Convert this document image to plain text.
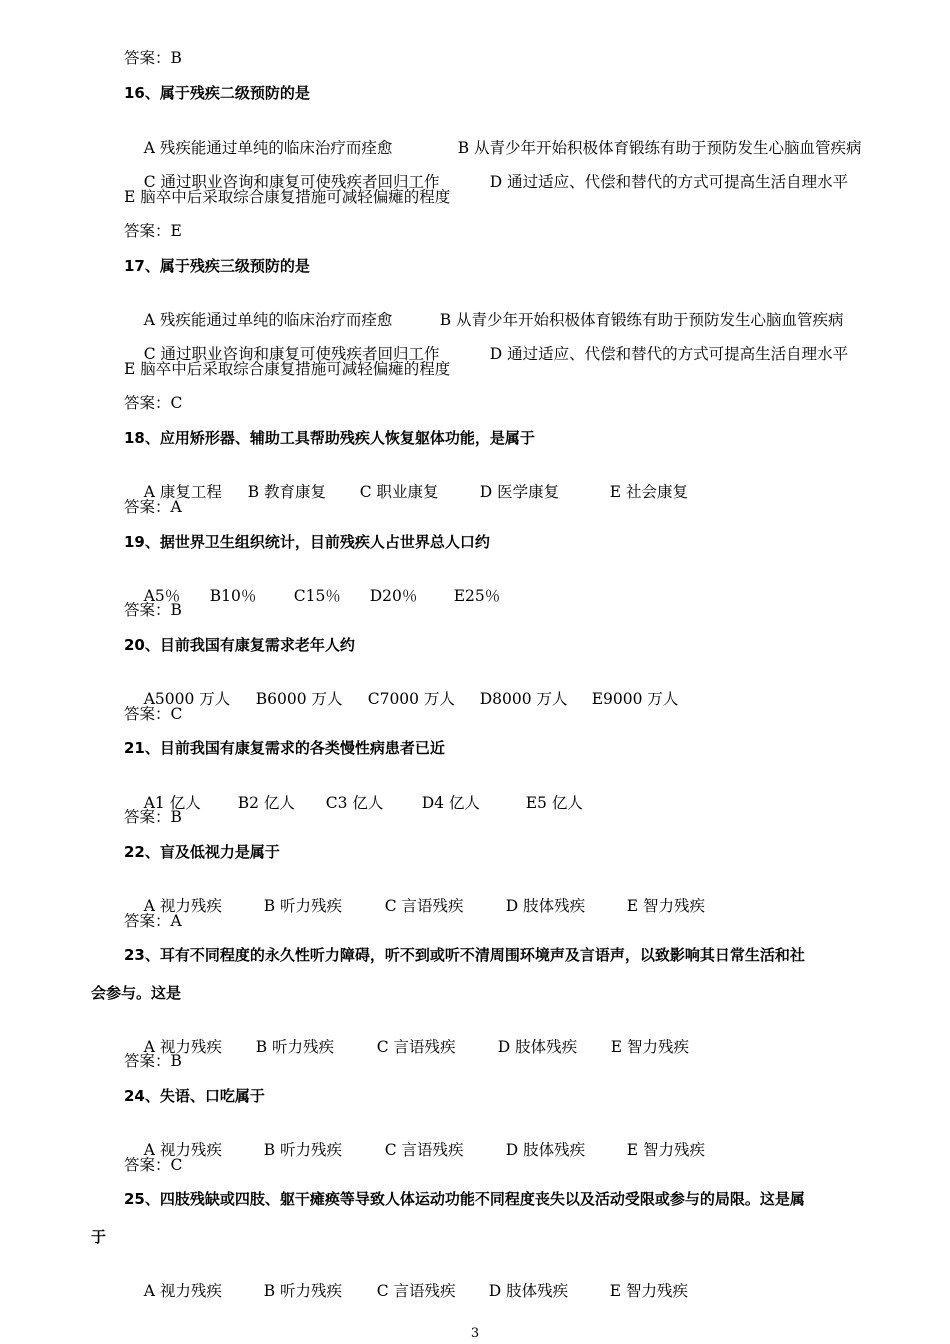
答案：B
16、属于残疾二级预防的是

A 残疾能通过单纯的临床治疗而痊愈	B 从青少年开始积极体育锻练有助于预防发生心脑血管疾病

C 通过职业咨询和康复可使残疾者回归工作	D 通过适应、代偿和替代的方式可提高生活自理水平

E 脑卒中后采取综合康复措施可减轻偏瘫的程度
答案：E
17、属于残疾三级预防的是

A 残疾能通过单纯的临床治疗而痊愈	B 从青少年开始积极体育锻练有助于预防发生心脑血管疾病

C 通过职业咨询和康复可使残疾者回归工作	D 通过适应、代偿和替代的方式可提高生活自理水平

E 脑卒中后采取综合康复措施可减轻偏瘫的程度
答案：C
18、应用矫形器、辅助工具帮助残疾人恢复躯体功能，是属于

A 康复工程 B 教育康复 C 职业康复	D 医学康复	E 社会康复

答案：A
19、据世界卫生组织统计，目前残疾人占世界总人口约

A5％ B10％ C15％ D20％ E25％

答案：B
20、目前我国有康复需求老年人约

A5000 万人 B6000 万人 C7000 万人 D8000 万人 E9000 万人

答案：C
21、目前我国有康复需求的各类慢性病患者已近

A1 亿人 B2 亿人 C3 亿人 D4 亿人	E5 亿人

答案：B
22、盲及低视力是属于

A 视力残疾	B 听力残疾	C 言语残疾	D 肢体残疾	E 智力残疾

答案：A
23、耳有不同程度的永久性听力障碍，听不到或听不清周围环境声及言语声，以致影响其日常生活和社
会参与。这是

A 视力残疾 B 听力残疾	C 言语残疾	D 肢体残疾 E 智力残疾

答案：B
24、失语、口吃属于

A 视力残疾	B 听力残疾	C 言语残疾	D 肢体残疾	E 智力残疾

答案：C
25、四肢残缺或四肢、躯干瘫痪等导致人体运动功能不同程度丧失以及活动受限或参与的局限。这是属
于

A 视力残疾	B 听力残疾 C 言语残疾 D 肢体残疾	E 智力残疾

3
